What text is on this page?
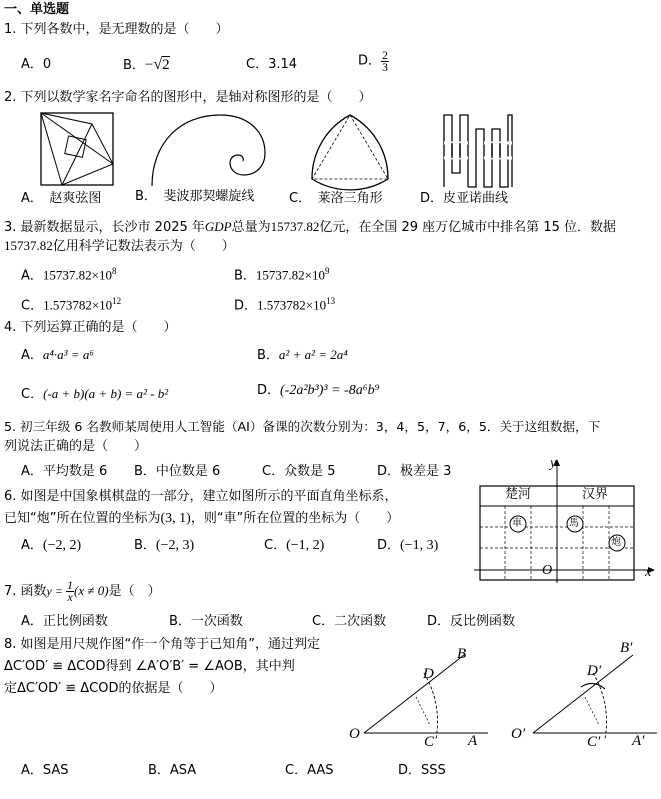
一、单选题
1. 下列各数中，是无理数的是（　　）
A．0	B．−√2	C．3.14	D． $\frac{2}{3}$
2. 下列以数学家名字命名的图形中，是轴对称图形的是（　　）
A．　赵爽弦图	B．　斐波那契螺旋线	C．　莱洛三角形	D．皮亚诺曲线
3. 最新数据显示，长沙市 2025 年GDP总量为15737.82亿元，在全国 29 座万亿城市中排名第 15 位．数据
15737.82亿用科学记数法表示为（　　）
A．$15737.82\times 10^8$	B．$15737.82\times 10^9$
C．$1.573782\times 10^{12}$	D．$1.573782\times 10^{13}$
4. 下列运算正确的是（　　）
A．a⁴·a³ = a⁶	B．a² + a² = 2a⁴
C．(-a + b)(a + b) = a² - b²	D．(-2a²b³)³ = -8a⁶b⁹
5. 初三年级 6 名教师某周使用人工智能（AI）备课的次数分别为：3，4，5，7，6，5．关于这组数据，下
列说法正确的是（　　）
A．平均数是 6 B．中位数是 6	C．众数是 5	D．极差是 3
6. 如图是中国象棋棋盘的一部分，建立如图所示的平面直角坐标系，
已知“炮”所在位置的坐标为(3, 1)，则“車”所在位置的坐标为（　　）
A．(−2, 2)	B．(−2, 3)	C．(−1, 2)	D．(−1, 3)
楚河	汉界
車	馬
炮
y
x
O
7. 函数$y = \frac{1}{x} (x \ne 0)$是（　）
A．正比例函数	B．一次函数	C．二次函数	D．反比例函数
8. 如图是用尺规作图“作一个角等于已知角”，通过判定
ΔC′OD′ ≌ ΔCOD得到 ∠A′O′B′ = ∠AOB，其中判
定ΔC′OD′ ≌ ΔCOD的依据是（　　）
A．SAS	B．ASA	C．AAS	D．SSS
O	A
B
C
D
O′	A′
B′
C′
D′
